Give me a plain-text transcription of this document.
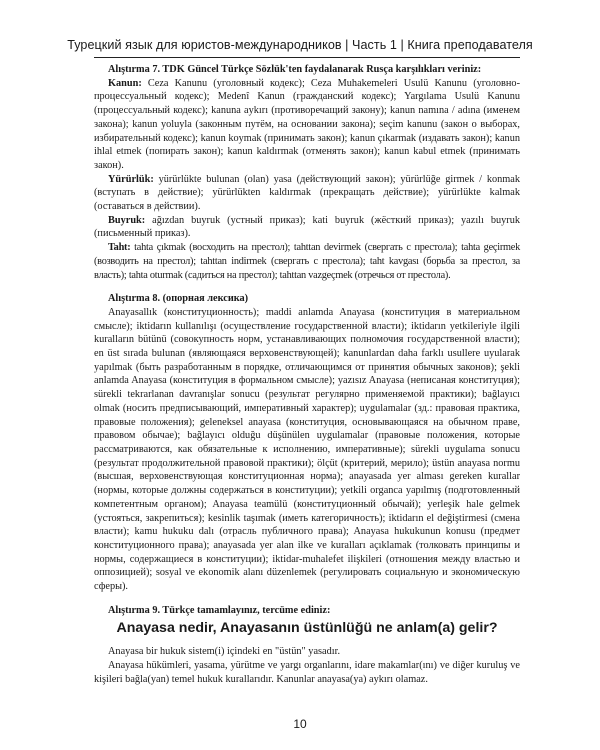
Турецкий язык для юристов-международников | Часть 1 | Книга преподавателя

Alıştırma 7. TDK Güncel Türkçe Sözlük'ten faydalanarak Rusça karşılıkları veriniz:

Kanun: Ceza Kanunu (уголовный кодекс); Ceza Muhakemeleri Usulü Kanunu (уголовно-процессуальный кодекс); Medenî Kanun (гражданский кодекс); Yargılama Usulü Kanunu (процессуальный кодекс); kanuna aykırı (противоречащий закону); kanun namına / adına (именем закона); kanun yoluyla (законным путём, на основании закона); seçim kanunu (закон о выборах, избирательный кодекс); kanun koymak (принимать закон); kanun çıkarmak (издавать закон); kanun ihlal etmek (попирать закон); kanun kaldırmak (отменять закон); kanun kabul etmek (принимать закон).

Yürürlük: yürürlükte bulunan (olan) yasa (действующий закон); yürürlüğe girmek / konmak (вступать в действие); yürürlükten kaldırmak (прекращать действие); yürürlükte kalmak (оставаться в действии).

Buyruk: ağızdan buyruk (устный приказ); kati buyruk (жёсткий приказ); yazılı buyruk (письменный приказ).

Taht: tahta çıkmak (восходить на престол); tahttan devirmek (свергать с престола); tahta geçirmek (возводить на престол); tahttan indirmek (свергать с престола); taht kavgası (борьба за престол, за власть); tahta oturmak (садиться на престол); tahttan vazgeçmek (отречься от престола).

Alıştırma 8. (опорная лексика)

Anayasallık (конституционность); maddi anlamda Anayasa (конституция в материальном смысле); iktidarın kullanılışı (осуществление государственной власти); iktidarın yetkileriyle ilgili kuralların bütünü (совокупность норм, устанавливающих полномочия государственной власти); en üst sırada bulunan (являющаяся верховенствующей); kanunlardan daha farklı usullere uyularak yapılmak (быть разработанным в порядке, отличающимся от принятия обычных законов); şekli anlamda Anayasa (конституция в формальном смысле); yazısız Anayasa (неписаная конституция); sürekli tekrarlanan davranışlar sonucu (результат регулярно применяемой практики); bağlayıcı olmak (носить предписывающий, императивный характер); uygulamalar (зд.: правовая практика, правовые положения); geleneksel anayasa (конституция, основывающаяся на обычном праве, правовом обычае); bağlayıcı olduğu düşünülen uygulamalar (правовые положения, которые рассматриваются, как обязательные к исполнению, императивные); sürekli uygulama sonucu (результат продолжительной правовой практики); ölçüt (критерий, мерило); üstün anayasa normu (высшая, верховенствующая конституционная норма); anayasada yer alması gereken kurallar (нормы, которые должны содержаться в конституции); yetkili organca yapılmış (подготовленный компетентным органом); Anayasa teamülü (конституционный обычай); yerleşik hale gelmek (устояться, закрепиться); kesinlik taşımak (иметь категоричность); iktidarın el değiştirmesi (смена власти); kamu hukuku dalı (отрасль публичного права); Anayasa hukukunun konusu (предмет конституционного права); anayasada yer alan ilke ve kuralları açıklamak (толковать принципы и нормы, содержащиеся в конституции); iktidar-muhalefet ilişkileri (отношения между властью и оппозицией); sosyal ve ekonomik alanı düzenlemek (регулировать социальную и экономическую сферы).

Alıştırma 9. Türkçe tamamlayınız, tercüme ediniz:

Anayasa nedir, Anayasanın üstünlüğü ne anlam(a) gelir?

Anayasa bir hukuk sistem(i) içindeki en "üstün" yasadır.

Anayasa hükümleri, yasama, yürütme ve yargı organlarını, idare makamlar(ını) ve diğer kuruluş ve kişileri bağla(yan) temel hukuk kurallarıdır. Kanunlar anayasa(ya) aykırı olamaz.

10
